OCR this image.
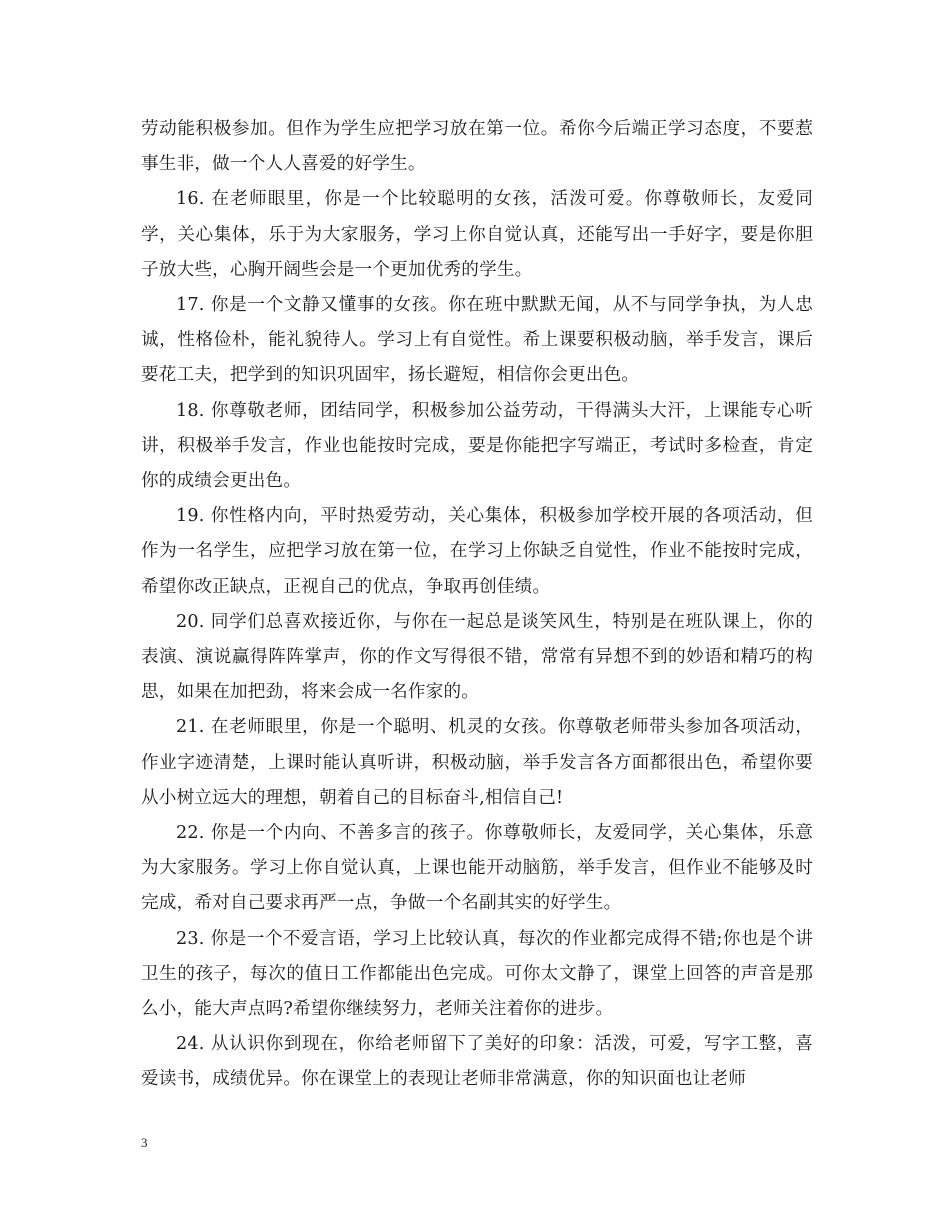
劳动能积极参加。但作为学生应把学习放在第一位。希你今后端正学习态度，不要惹事生非，做一个人人喜爱的好学生。

16. 在老师眼里，你是一个比较聪明的女孩，活泼可爱。你尊敬师长，友爱同学，关心集体，乐于为大家服务，学习上你自觉认真，还能写出一手好字，要是你胆子放大些，心胸开阔些会是一个更加优秀的学生。

17. 你是一个文静又懂事的女孩。你在班中默默无闻，从不与同学争执，为人忠诚，性格俭朴，能礼貌待人。学习上有自觉性。希上课要积极动脑，举手发言，课后要花工夫，把学到的知识巩固牢，扬长避短，相信你会更出色。

18. 你尊敬老师，团结同学，积极参加公益劳动，干得满头大汗，上课能专心听讲，积极举手发言，作业也能按时完成，要是你能把字写端正，考试时多检查，肯定你的成绩会更出色。

19. 你性格内向，平时热爱劳动，关心集体，积极参加学校开展的各项活动，但作为一名学生，应把学习放在第一位，在学习上你缺乏自觉性，作业不能按时完成，希望你改正缺点，正视自己的优点，争取再创佳绩。

20. 同学们总喜欢接近你，与你在一起总是谈笑风生，特别是在班队课上，你的表演、演说赢得阵阵掌声，你的作文写得很不错，常常有异想不到的妙语和精巧的构思，如果在加把劲，将来会成一名作家的。

21. 在老师眼里，你是一个聪明、机灵的女孩。你尊敬老师带头参加各项活动，作业字迹清楚，上课时能认真听讲，积极动脑，举手发言各方面都很出色，希望你要从小树立远大的理想，朝着自己的目标奋斗,相信自己!

22. 你是一个内向、不善多言的孩子。你尊敬师长，友爱同学，关心集体，乐意为大家服务。学习上你自觉认真，上课也能开动脑筋，举手发言，但作业不能够及时完成，希对自己要求再严一点，争做一个名副其实的好学生。

23. 你是一个不爱言语，学习上比较认真，每次的作业都完成得不错;你也是个讲卫生的孩子，每次的值日工作都能出色完成。可你太文静了，课堂上回答的声音是那么小，能大声点吗?希望你继续努力，老师关注着你的进步。

24. 从认识你到现在，你给老师留下了美好的印象：活泼，可爱，写字工整，喜爱读书，成绩优异。你在课堂上的表现让老师非常满意，你的知识面也让老师

3
